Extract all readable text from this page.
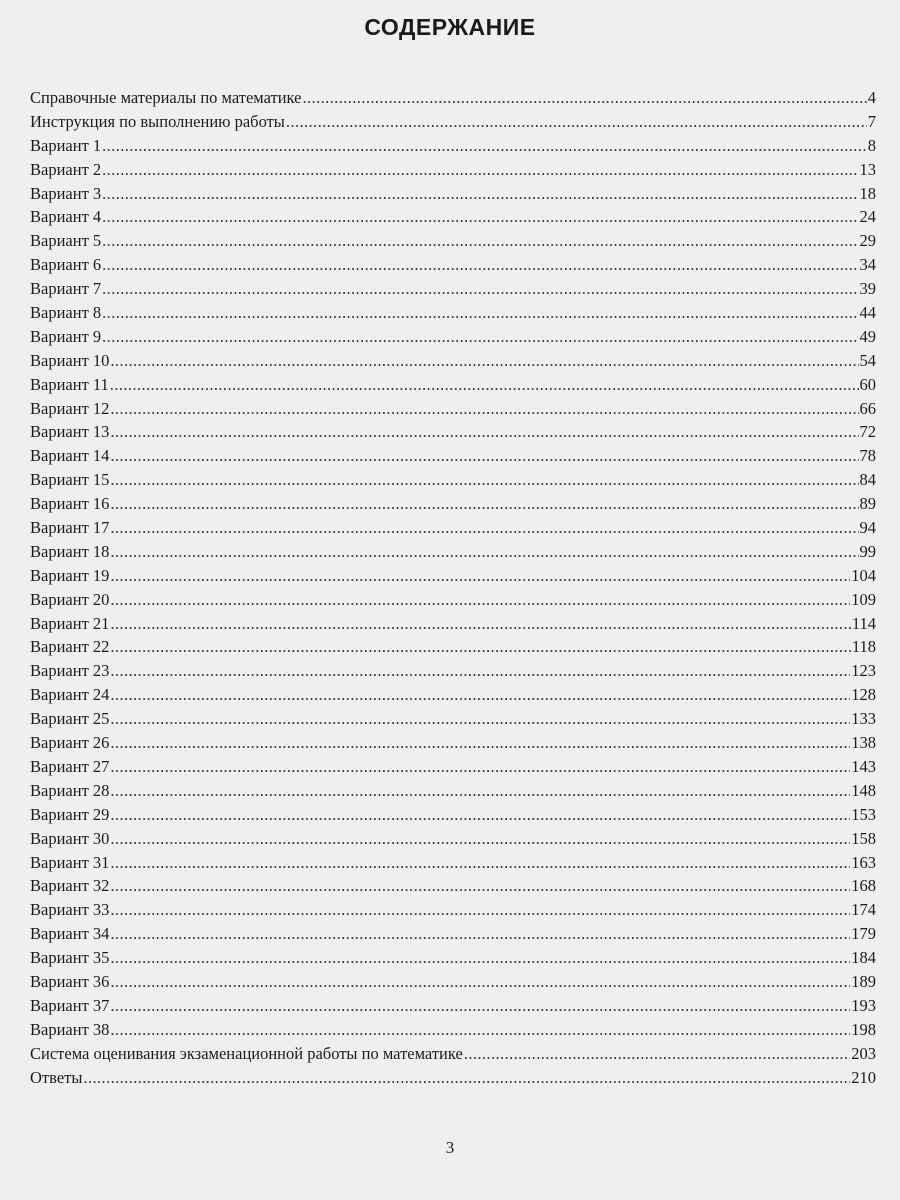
СОДЕРЖАНИЕ
Справочные материалы по математике .....	4
Инструкция по выполнению работы .....	7
Вариант 1 .....	8
Вариант 2 .....	13
Вариант 3 .....	18
Вариант 4 .....	24
Вариант 5 .....	29
Вариант 6 .....	34
Вариант 7 .....	39
Вариант 8 .....	44
Вариант 9 .....	49
Вариант 10 .....	54
Вариант 11 .....	60
Вариант 12 .....	66
Вариант 13 .....	72
Вариант 14 .....	78
Вариант 15 .....	84
Вариант 16 .....	89
Вариант 17 .....	94
Вариант 18 .....	99
Вариант 19 .....	104
Вариант 20 .....	109
Вариант 21 .....	114
Вариант 22 .....	118
Вариант 23 .....	123
Вариант 24 .....	128
Вариант 25 .....	133
Вариант 26 .....	138
Вариант 27 .....	143
Вариант 28 .....	148
Вариант 29 .....	153
Вариант 30 .....	158
Вариант 31 .....	163
Вариант 32 .....	168
Вариант 33 .....	174
Вариант 34 .....	179
Вариант 35 .....	184
Вариант 36 .....	189
Вариант 37 .....	193
Вариант 38 .....	198
Система оценивания экзаменационной работы по математике .....	203
Ответы .....	210
3
